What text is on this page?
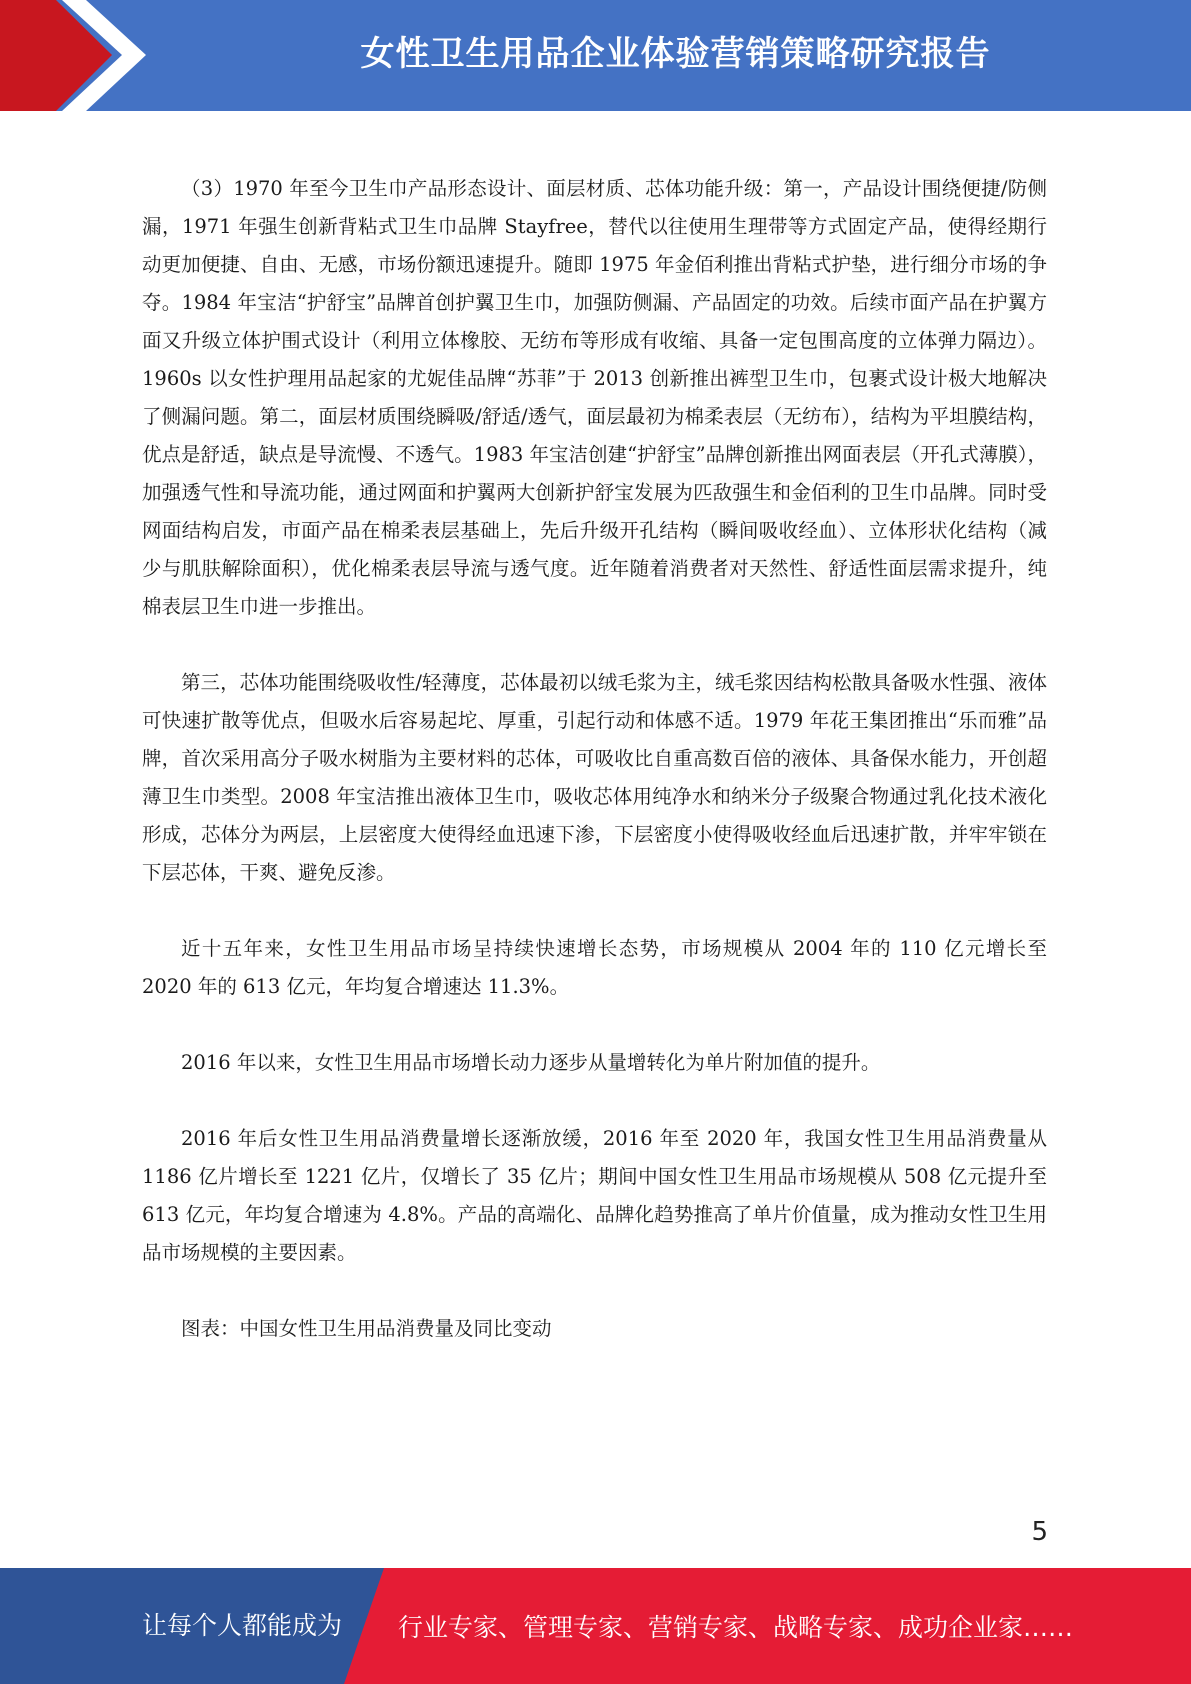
女性卫生用品企业体验营销策略研究报告

（3）1970 年至今卫生巾产品形态设计、面层材质、芯体功能升级：第一，产品设计围绕便捷/防侧漏，1971 年强生创新背粘式卫生巾品牌 Stayfree，替代以往使用生理带等方式固定产品，使得经期行动更加便捷、自由、无感，市场份额迅速提升。随即 1975 年金佰利推出背粘式护垫，进行细分市场的争夺。1984 年宝洁“护舒宝”品牌首创护翼卫生巾，加强防侧漏、产品固定的功效。后续市面产品在护翼方面又升级立体护围式设计（利用立体橡胶、无纺布等形成有收缩、具备一定包围高度的立体弹力隔边）。1960s 以女性护理用品起家的尤妮佳品牌“苏菲”于 2013 创新推出裤型卫生巾，包裹式设计极大地解决了侧漏问题。第二，面层材质围绕瞬吸/舒适/透气，面层最初为棉柔表层（无纺布），结构为平坦膜结构，优点是舒适，缺点是导流慢、不透气。1983 年宝洁创建“护舒宝”品牌创新推出网面表层（开孔式薄膜），加强透气性和导流功能，通过网面和护翼两大创新护舒宝发展为匹敌强生和金佰利的卫生巾品牌。同时受网面结构启发，市面产品在棉柔表层基础上，先后升级开孔结构（瞬间吸收经血）、立体形状化结构（减少与肌肤解除面积），优化棉柔表层导流与透气度。近年随着消费者对天然性、舒适性面层需求提升，纯棉表层卫生巾进一步推出。

第三，芯体功能围绕吸收性/轻薄度，芯体最初以绒毛浆为主，绒毛浆因结构松散具备吸水性强、液体可快速扩散等优点，但吸水后容易起坨、厚重，引起行动和体感不适。1979 年花王集团推出“乐而雅”品牌，首次采用高分子吸水树脂为主要材料的芯体，可吸收比自重高数百倍的液体、具备保水能力，开创超薄卫生巾类型。2008 年宝洁推出液体卫生巾，吸收芯体用纯净水和纳米分子级聚合物通过乳化技术液化形成，芯体分为两层，上层密度大使得经血迅速下渗，下层密度小使得吸收经血后迅速扩散，并牢牢锁在下层芯体，干爽、避免反渗。

近十五年来，女性卫生用品市场呈持续快速增长态势，市场规模从 2004 年的 110 亿元增长至 2020 年的 613 亿元，年均复合增速达 11.3%。

2016 年以来，女性卫生用品市场增长动力逐步从量增转化为单片附加值的提升。

2016 年后女性卫生用品消费量增长逐渐放缓，2016 年至 2020 年，我国女性卫生用品消费量从 1186 亿片增长至 1221 亿片，仅增长了 35 亿片；期间中国女性卫生用品市场规模从 508 亿元提升至 613 亿元，年均复合增速为 4.8%。产品的高端化、品牌化趋势推高了单片价值量，成为推动女性卫生用品市场规模的主要因素。

图表：中国女性卫生用品消费量及同比变动

5
让每个人都能成为 行业专家、管理专家、营销专家、战略专家、成功企业家……
